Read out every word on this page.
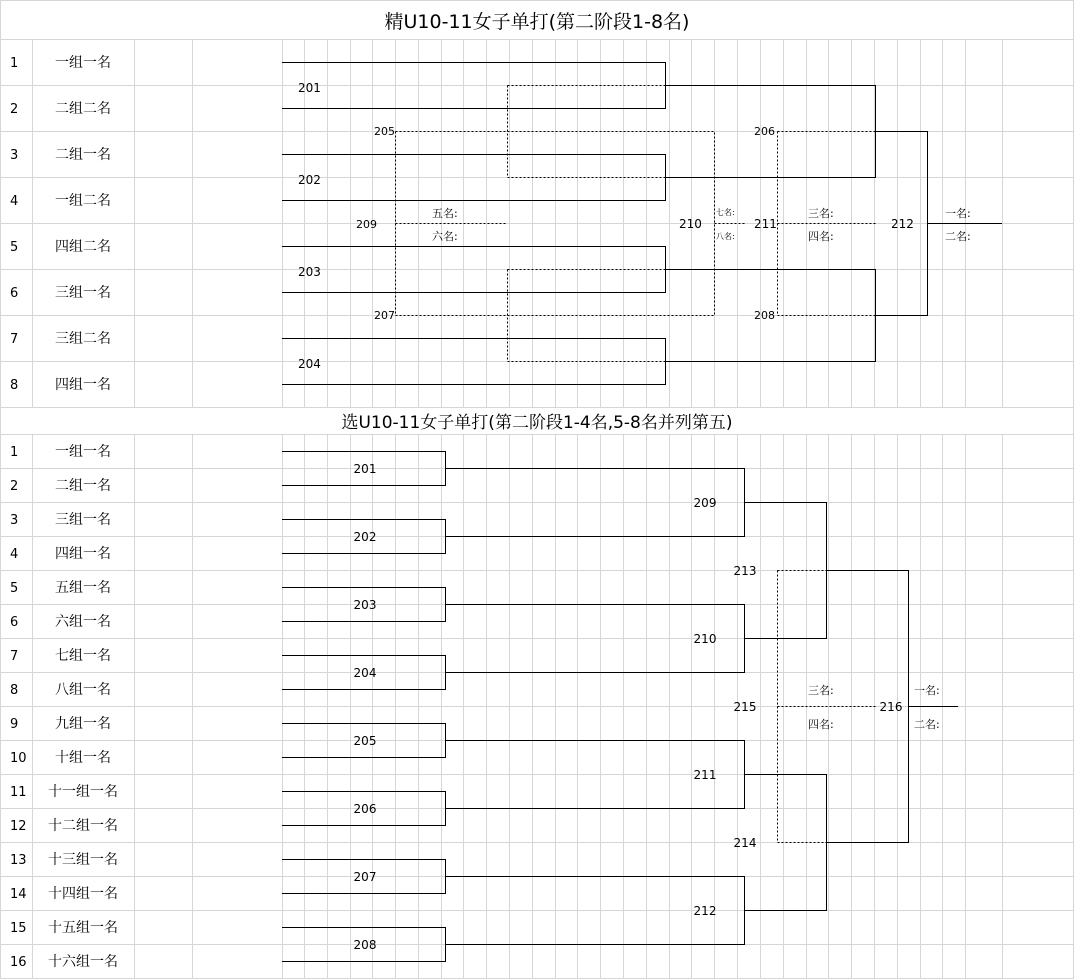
精U10-11女子单打(第二阶段1-8名)
1	一组一名
2	二组二名
3	二组一名
4	一组二名
5	四组二名
6	三组一名
7	三组二名
8	四组一名
201
202
203
204
205	206
207	208
209	210	211	212
五名:
六名:
七名:
八名:
三名:
四名:
一名:
二名:
选U10-11女子单打(第二阶段1-4名,5-8名并列第五)
1	一组一名
2	二组一名
3	三组一名
4	四组一名
5	五组一名
6	六组一名
7	七组一名
8	八组一名
9	九组一名
10 十组一名
11 十一组一名
12 十二组一名
13 十三组一名
14 十四组一名
15 十五组一名
16 十六组一名
201
202
203
204
205
206
207
208
209
210
211
212
213
214
215	216
三名:
四名:
一名:
二名:
